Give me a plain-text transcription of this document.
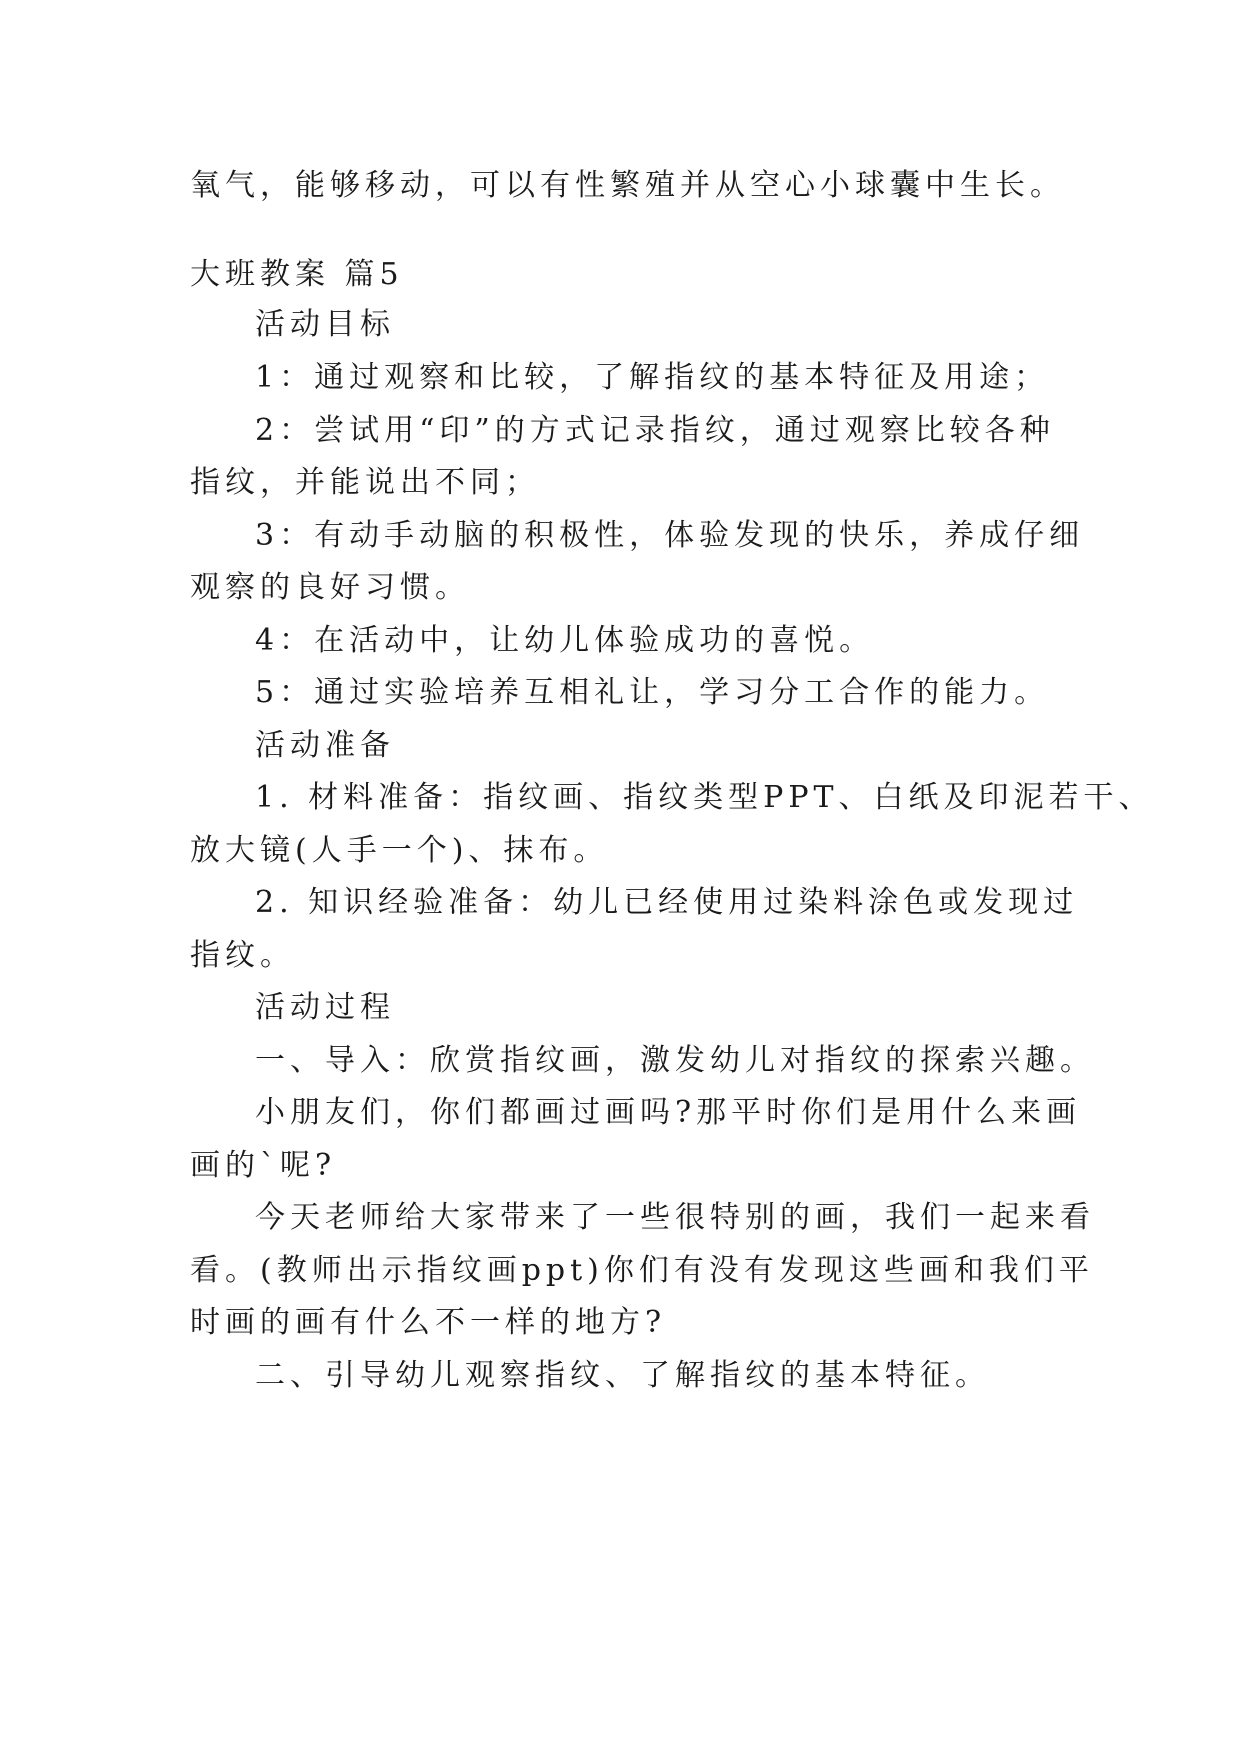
氧气，能够移动，可以有性繁殖并从空心小球囊中生长。
大班教案 篇5
活动目标
1：通过观察和比较，了解指纹的基本特征及用途；
2：尝试用“印”的方式记录指纹，通过观察比较各种
指纹，并能说出不同；
3：有动手动脑的积极性，体验发现的快乐，养成仔细
观察的良好习惯。
4：在活动中，让幼儿体验成功的喜悦。
5：通过实验培养互相礼让，学习分工合作的能力。
活动准备
1. 材料准备：指纹画、指纹类型PPT、白纸及印泥若干、
放大镜(人手一个)、抹布。
2. 知识经验准备：幼儿已经使用过染料涂色或发现过
指纹。
活动过程
一、导入：欣赏指纹画，激发幼儿对指纹的探索兴趣。
小朋友们，你们都画过画吗?那平时你们是用什么来画
画的`呢?
今天老师给大家带来了一些很特别的画，我们一起来看
看。(教师出示指纹画ppt)你们有没有发现这些画和我们平
时画的画有什么不一样的地方?
二、引导幼儿观察指纹、了解指纹的基本特征。
